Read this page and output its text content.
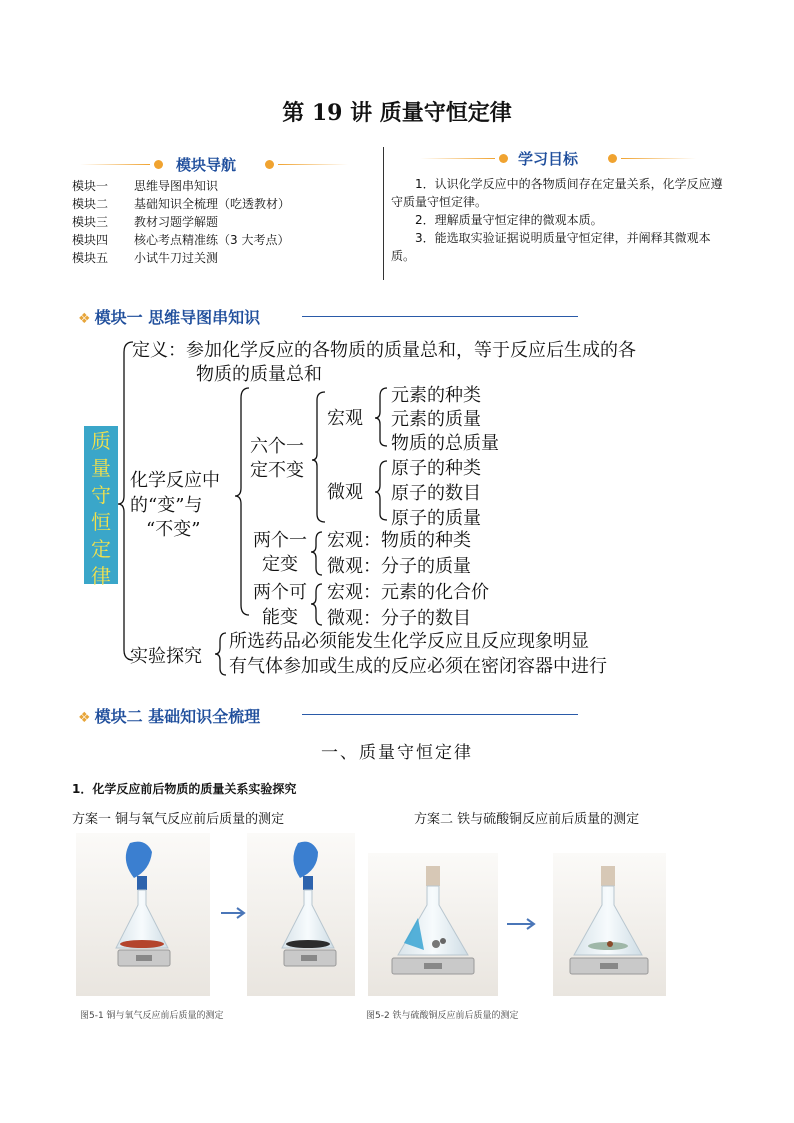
第 19 讲 质量守恒定律
模块导航
模块一 思维导图串知识
模块二 基础知识全梳理（吃透教材）
模块三 教材习题学解题
模块四 核心考点精准练（3 大考点）
模块五 小试牛刀过关测
学习目标
1．认识化学反应中的各物质间存在定量关系，化学反应遵守质量守恒定律。
2．理解质量守恒定律的微观本质。
3．能选取实验证据说明质量守恒定律，并阐释其微观本质。
❖ 模块一 思维导图串知识
质
量
守
恒
定
律
定义：参加化学反应的各物质的质量总和，等于反应后生成的各
物质的质量总和
化学反应中
的“变”与
“不变”
六个一
定不变
宏观
微观
元素的种类
元素的质量
物质的总质量
原子的种类
原子的数目
原子的质量
两个一
定变
宏观：物质的种类
微观：分子的质量
两个可
能变
宏观：元素的化合价
微观：分子的数目
实验探究
所选药品必须能发生化学反应且反应现象明显
有气体参加或生成的反应必须在密闭容器中进行
❖ 模块二 基础知识全梳理
一、质量守恒定律
1．化学反应前后物质的质量关系实验探究
方案一 铜与氧气反应前后质量的测定	方案二 铁与硫酸铜反应前后质量的测定
图5-1 铜与氧气反应前后质量的测定	图5-2 铁与硫酸铜反应前后质量的测定
